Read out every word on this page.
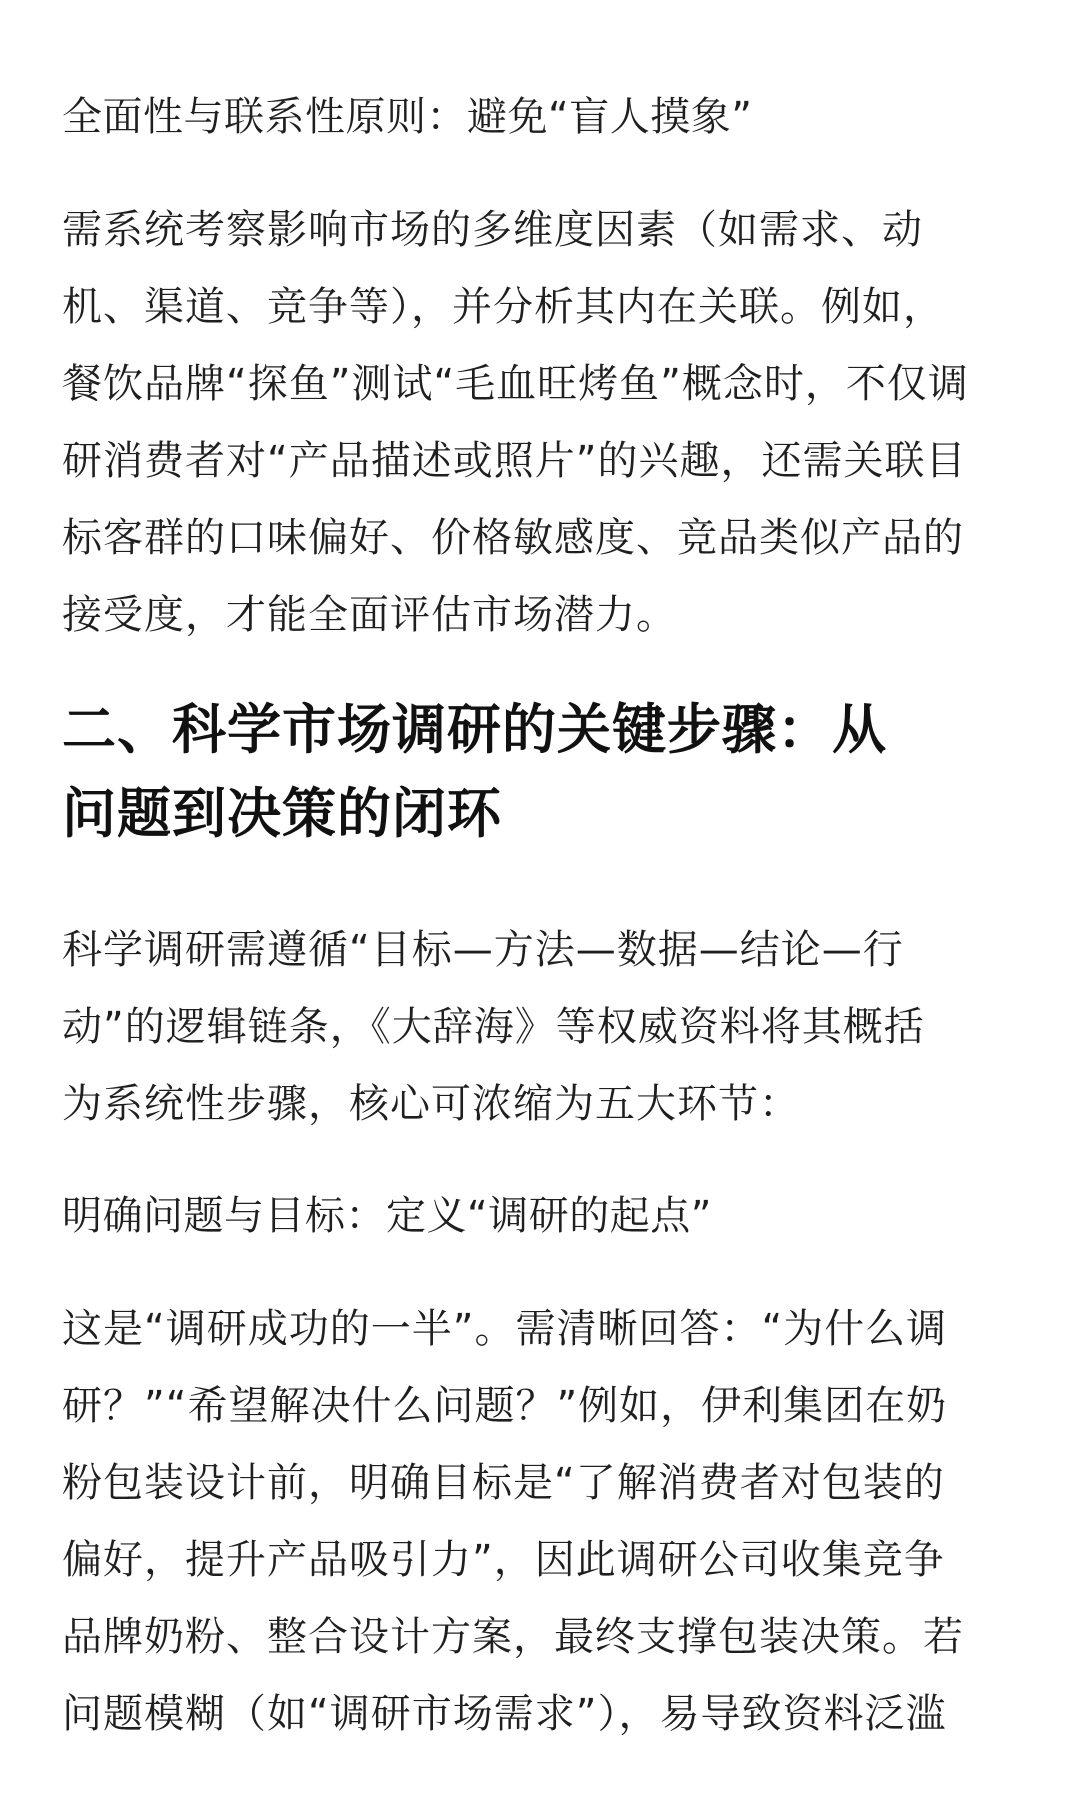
全面性与联系性原则：避免“盲人摸象”

需系统考察影响市场的多维度因素（如需求、动
机、渠道、竞争等），并分析其内在关联。例如，
餐饮品牌“探鱼”测试“毛血旺烤鱼”概念时，不仅调
研消费者对“产品描述或照片”的兴趣，还需关联目
标客群的口味偏好、价格敏感度、竞品类似产品的
接受度，才能全面评估市场潜力。
二、科学市场调研的关键步骤：从
问题到决策的闭环
科学调研需遵循“目标—方法—数据—结论—行
动”的逻辑链条，《大辞海》等权威资料将其概括
为系统性步骤，核心可浓缩为五大环节：

明确问题与目标：定义“调研的起点”

这是“调研成功的一半”。需清晰回答：“为什么调
研？”“希望解决什么问题？”例如，伊利集团在奶
粉包装设计前，明确目标是“了解消费者对包装的
偏好，提升产品吸引力”，因此调研公司收集竞争
品牌奶粉、整合设计方案，最终支撑包装决策。若
问题模糊（如“调研市场需求”），易导致资料泛滥
